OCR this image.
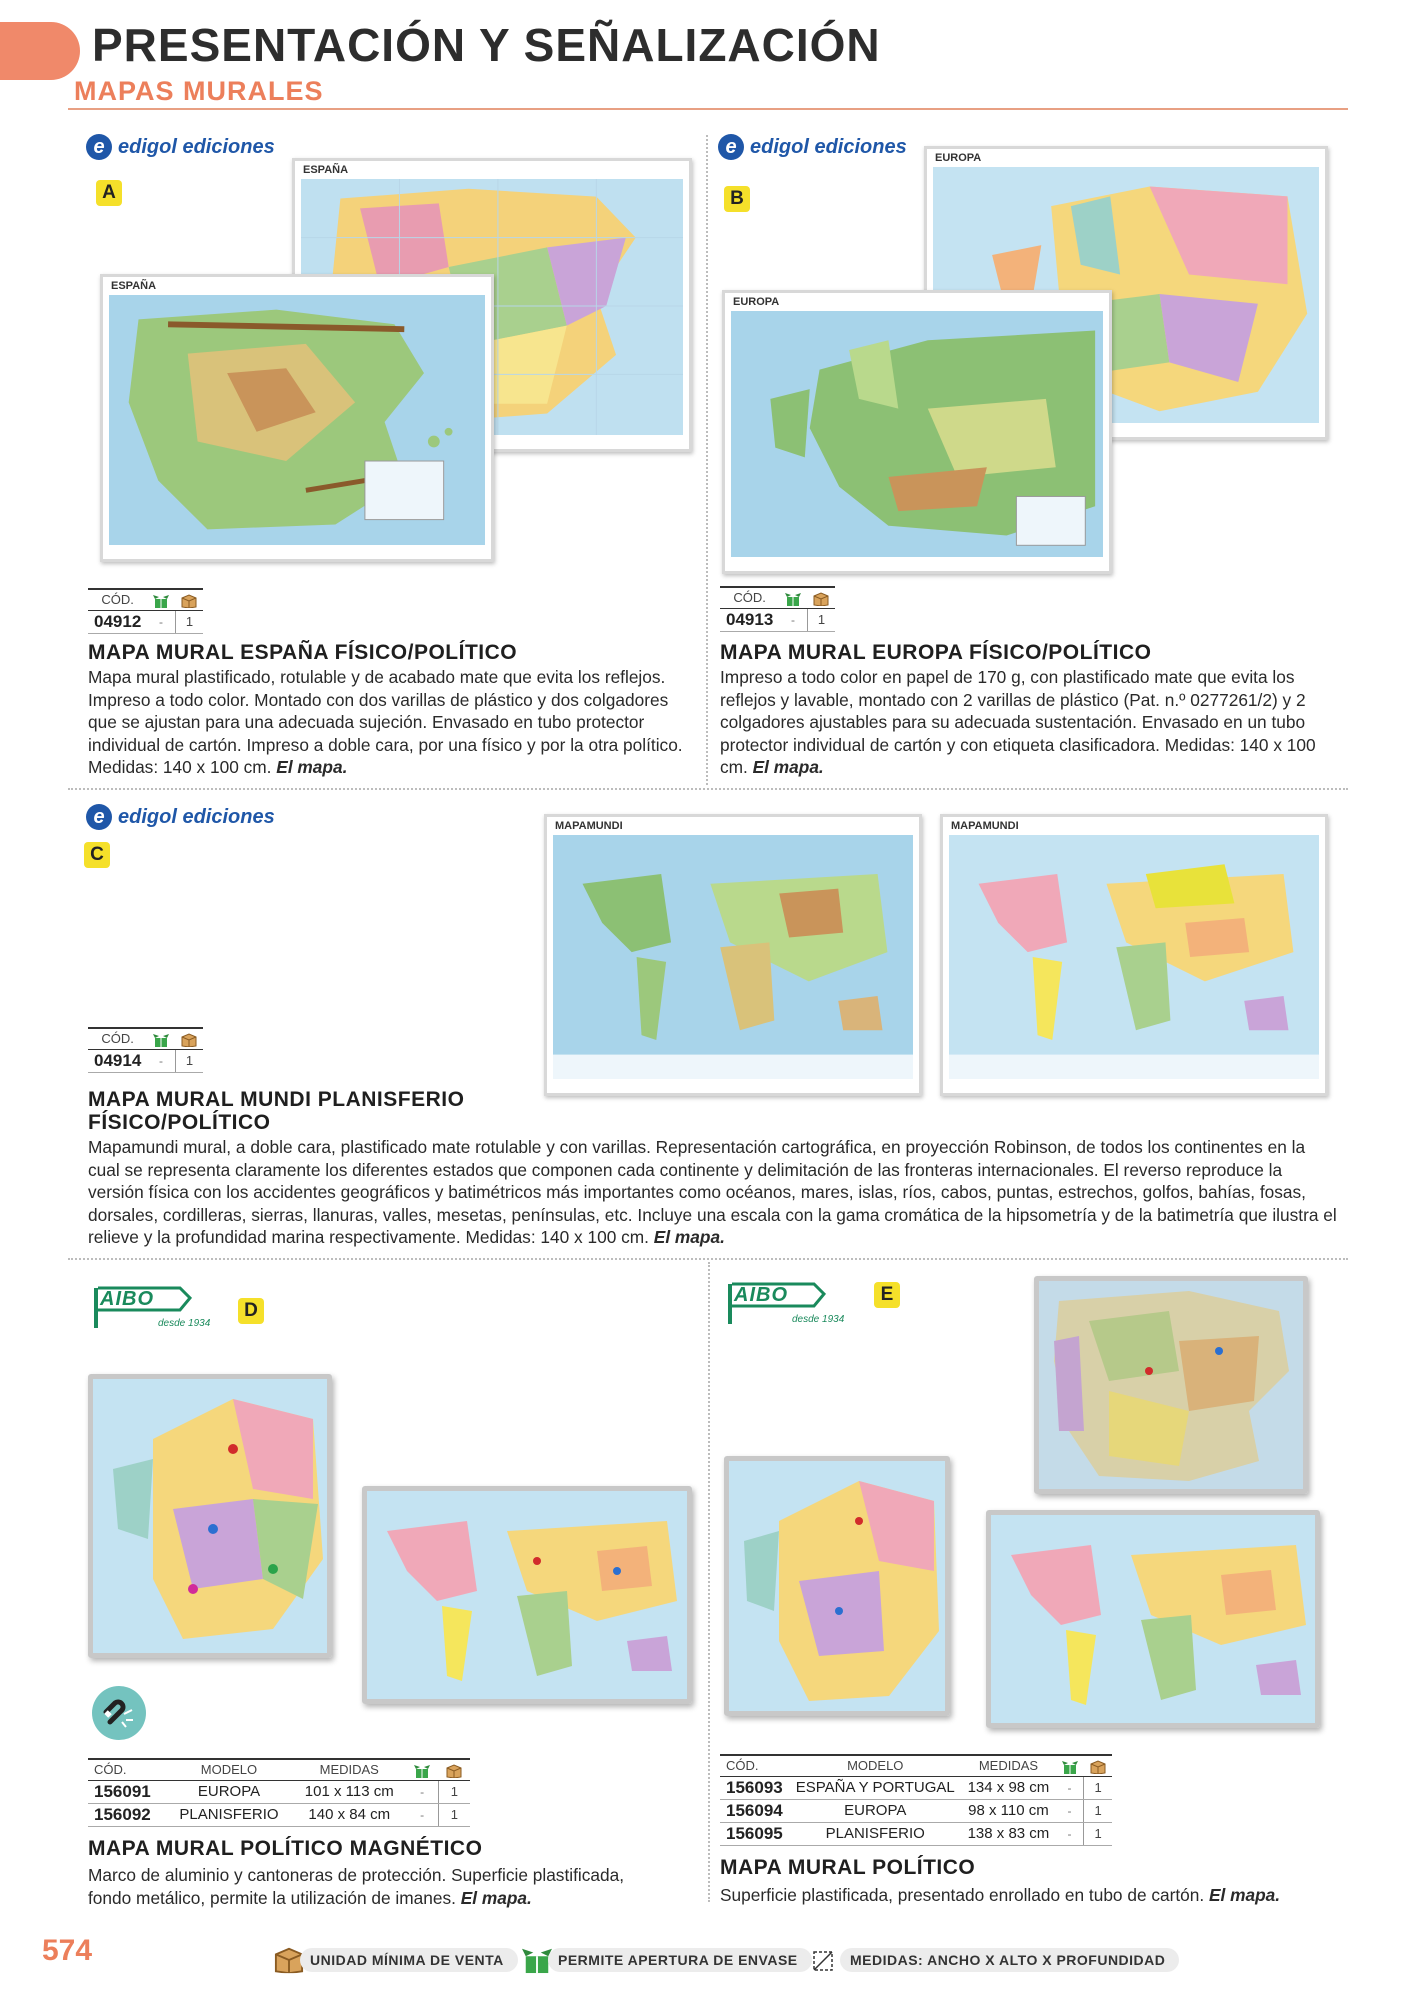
PRESENTACIÓN Y SEÑALIZACIÓN
MAPAS MURALES
e edigol ediciones
A
ESPAÑA
ESPAÑA
CÓD.		
04912	-	1
MAPA MURAL ESPAÑA FÍSICO/POLÍTICO
Mapa mural plastificado, rotulable y de acabado mate que evita los reflejos. Impreso a todo color. Montado con dos varillas de plástico y dos colgadores que se ajustan para una adecuada sujeción. Envasado en tubo protector individual de cartón. Impreso a doble cara, por una físico y por la otra político. Medidas: 140 x 100 cm. El mapa.
e edigol ediciones
B
EUROPA
EUROPA
CÓD.		
04913	-	1
MAPA MURAL EUROPA FÍSICO/POLÍTICO
Impreso a todo color en papel de 170 g, con plastificado mate que evita los reflejos y lavable, montado con 2 varillas de plástico (Pat. n.º 0277261/2) y 2 colgadores ajustables para su adecuada sustentación. Envasado en un tubo protector individual de cartón y con etiqueta clasificadora. Medidas: 140 x 100 cm. El mapa.
e edigol ediciones
C
MAPAMUNDI	MAPAMUNDI
CÓD.		
04914	-	1
MAPA MURAL MUNDI PLANISFERIO FÍSICO/POLÍTICO
Mapamundi mural, a doble cara, plastificado mate rotulable y con varillas. Representación cartográfica, en proyección Robinson, de todos los continentes en la cual se representa claramente los diferentes estados que componen cada continente y delimitación de las fronteras internacionales. El reverso reproduce la versión física con los accidentes geográficos y batimétricos más importantes como océanos, mares, islas, ríos, cabos, puntas, estrechos, golfos, bahías, fosas, dorsales, cordilleras, sierras, llanuras, valles, mesetas, penínsulas, etc. Incluye una escala con la gama cromática de la hipsometría y de la batimetría que ilustra el relieve y la profundidad marina respectivamente. Medidas: 140 x 100 cm. El mapa.
AIBO
desde 1934
D
CÓD.	MODELO	MEDIDAS		
156091	EUROPA	101 x 113 cm	-	1
156092	PLANISFERIO	140 x 84 cm	-	1
MAPA MURAL POLÍTICO MAGNÉTICO
Marco de aluminio y cantoneras de protección. Superficie plastificada, fondo metálico, permite la utilización de imanes. El mapa.
AIBO
desde 1934
E
CÓD.	MODELO	MEDIDAS		
156093	ESPAÑA Y PORTUGAL	134 x 98 cm	-	1
156094	EUROPA	98 x 110 cm	-	1
156095	PLANISFERIO	138 x 83 cm	-	1
MAPA MURAL POLÍTICO
Superficie plastificada, presentado enrollado en tubo de cartón. El mapa.
574	UNIDAD MÍNIMA DE VENTA	PERMITE APERTURA DE ENVASE	MEDIDAS: ANCHO X ALTO X PROFUNDIDAD
